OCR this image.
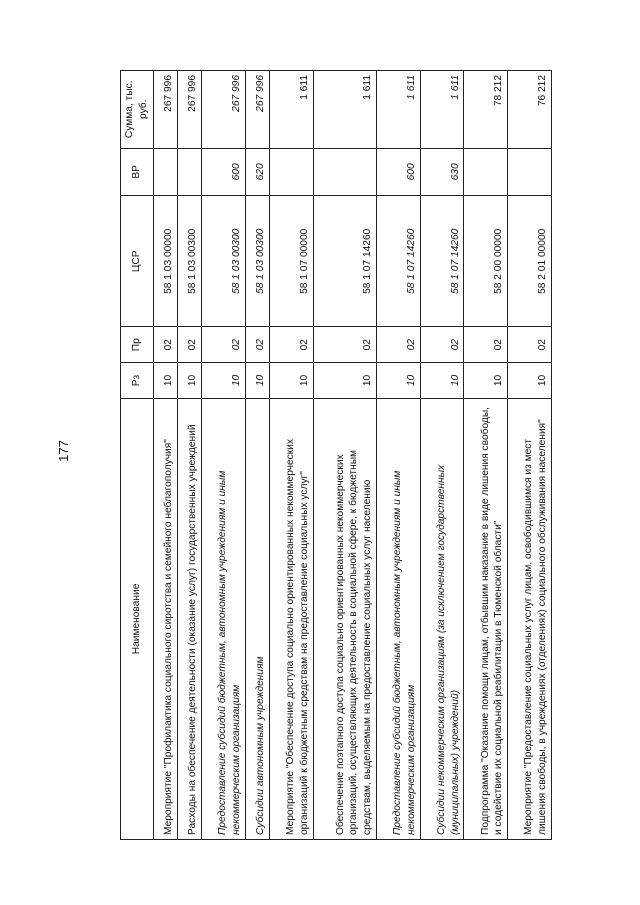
177
Наименование	Рз	Пр	ЦСР	ВР	Сумма, тыс. руб.
Мероприятие "Профилактика социального сиротства и семейного неблагополучия"	10	02	58 1 03 00000		267 996
Расходы на обеспечение деятельности (оказание услуг) государственных учреждений	10	02	58 1 03 00300		267 996
Предоставление субсидий бюджетным, автономным учреждениям и иным некоммерческим организациям	10	02	58 1 03 00300	600	267 996
Субсидии автономным учреждениям	10	02	58 1 03 00300	620	267 996
Мероприятие "Обеспечение доступа социально ориентированных некоммерческих организаций к бюджетным средствам на предоставление социальных услуг"	10	02	58 1 07 00000		1 611
Обеспечение поэтапного доступа социально ориентированных некоммерческих организаций, осуществляющих деятельность в социальной сфере, к бюджетным средствам, выделяемым на предоставление социальных услуг населению	10	02	58 1 07 14260		1 611
Предоставление субсидий бюджетным, автономным учреждениям и иным некоммерческим организациям	10	02	58 1 07 14260	600	1 611
Субсидии некоммерческим организациям (за исключением государственных (муниципальных) учреждений)	10	02	58 1 07 14260	630	1 611
Подпрограмма "Оказание помощи лицам, отбывшим наказание в виде лишения свободы, и содействие их социальной реабилитации в Тюменской области"	10	02	58 2 00 00000		78 212
Мероприятие "Предоставление социальных услуг лицам, освободившимся из мест лишения свободы, в учреждениях (отделениях) социального обслуживания населения"	10	02	58 2 01 00000		76 212
